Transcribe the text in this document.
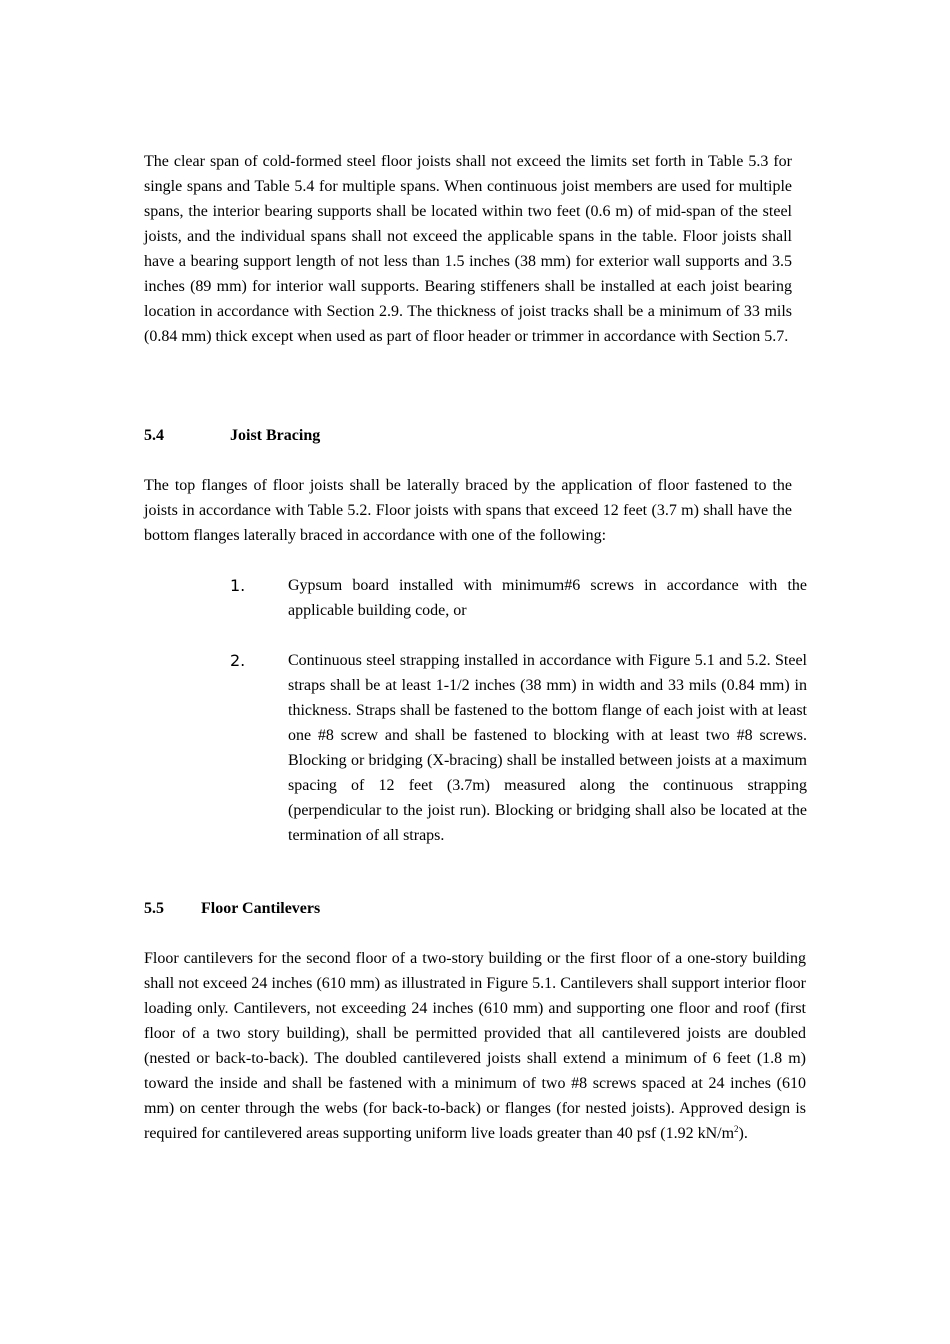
The clear span of cold-formed steel floor joists shall not exceed the limits set forth in Table 5.3 for single spans and Table 5.4 for multiple spans. When continuous joist members are used for multiple spans, the interior bearing supports shall be located within two feet (0.6 m) of mid-span of the steel joists, and the individual spans shall not exceed the applicable spans in the table. Floor joists shall have a bearing support length of not less than 1.5 inches (38 mm) for exterior wall supports and 3.5 inches (89 mm) for interior wall supports. Bearing stiffeners shall be installed at each joist bearing location in accordance with Section 2.9. The thickness of joist tracks shall be a minimum of 33 mils (0.84 mm) thick except when used as part of floor header or trimmer in accordance with Section 5.7.

5.4	Joist Bracing

The top flanges of floor joists shall be laterally braced by the application of floor fastened to the joists in accordance with Table 5.2. Floor joists with spans that exceed 12 feet (3.7 m) shall have the bottom flanges laterally braced in accordance with one of the following:

1.	Gypsum board installed with minimum#6 screws in accordance with the applicable building code, or

2.	Continuous steel strapping installed in accordance with Figure 5.1 and 5.2. Steel straps shall be at least 1-1/2 inches (38 mm) in width and 33 mils (0.84 mm) in thickness. Straps shall be fastened to the bottom flange of each joist with at least one #8 screw and shall be fastened to blocking with at least two #8 screws. Blocking or bridging (X-bracing) shall be installed between joists at a maximum spacing of 12 feet (3.7m) measured along the continuous strapping (perpendicular to the joist run). Blocking or bridging shall also be located at the termination of all straps.

5.5 Floor Cantilevers

Floor cantilevers for the second floor of a two-story building or the first floor of a one-story building shall not exceed 24 inches (610 mm) as illustrated in Figure 5.1. Cantilevers shall support interior floor loading only. Cantilevers, not exceeding 24 inches (610 mm) and supporting one floor and roof (first floor of a two story building), shall be permitted provided that all cantilevered joists are doubled (nested or back-to-back). The doubled cantilevered joists shall extend a minimum of 6 feet (1.8 m) toward the inside and shall be fastened with a minimum of two #8 screws spaced at 24 inches (610 mm) on center through the webs (for back-to-back) or flanges (for nested joists). Approved design is required for cantilevered areas supporting uniform live loads greater than 40 psf (1.92 $kN/m^2$).
